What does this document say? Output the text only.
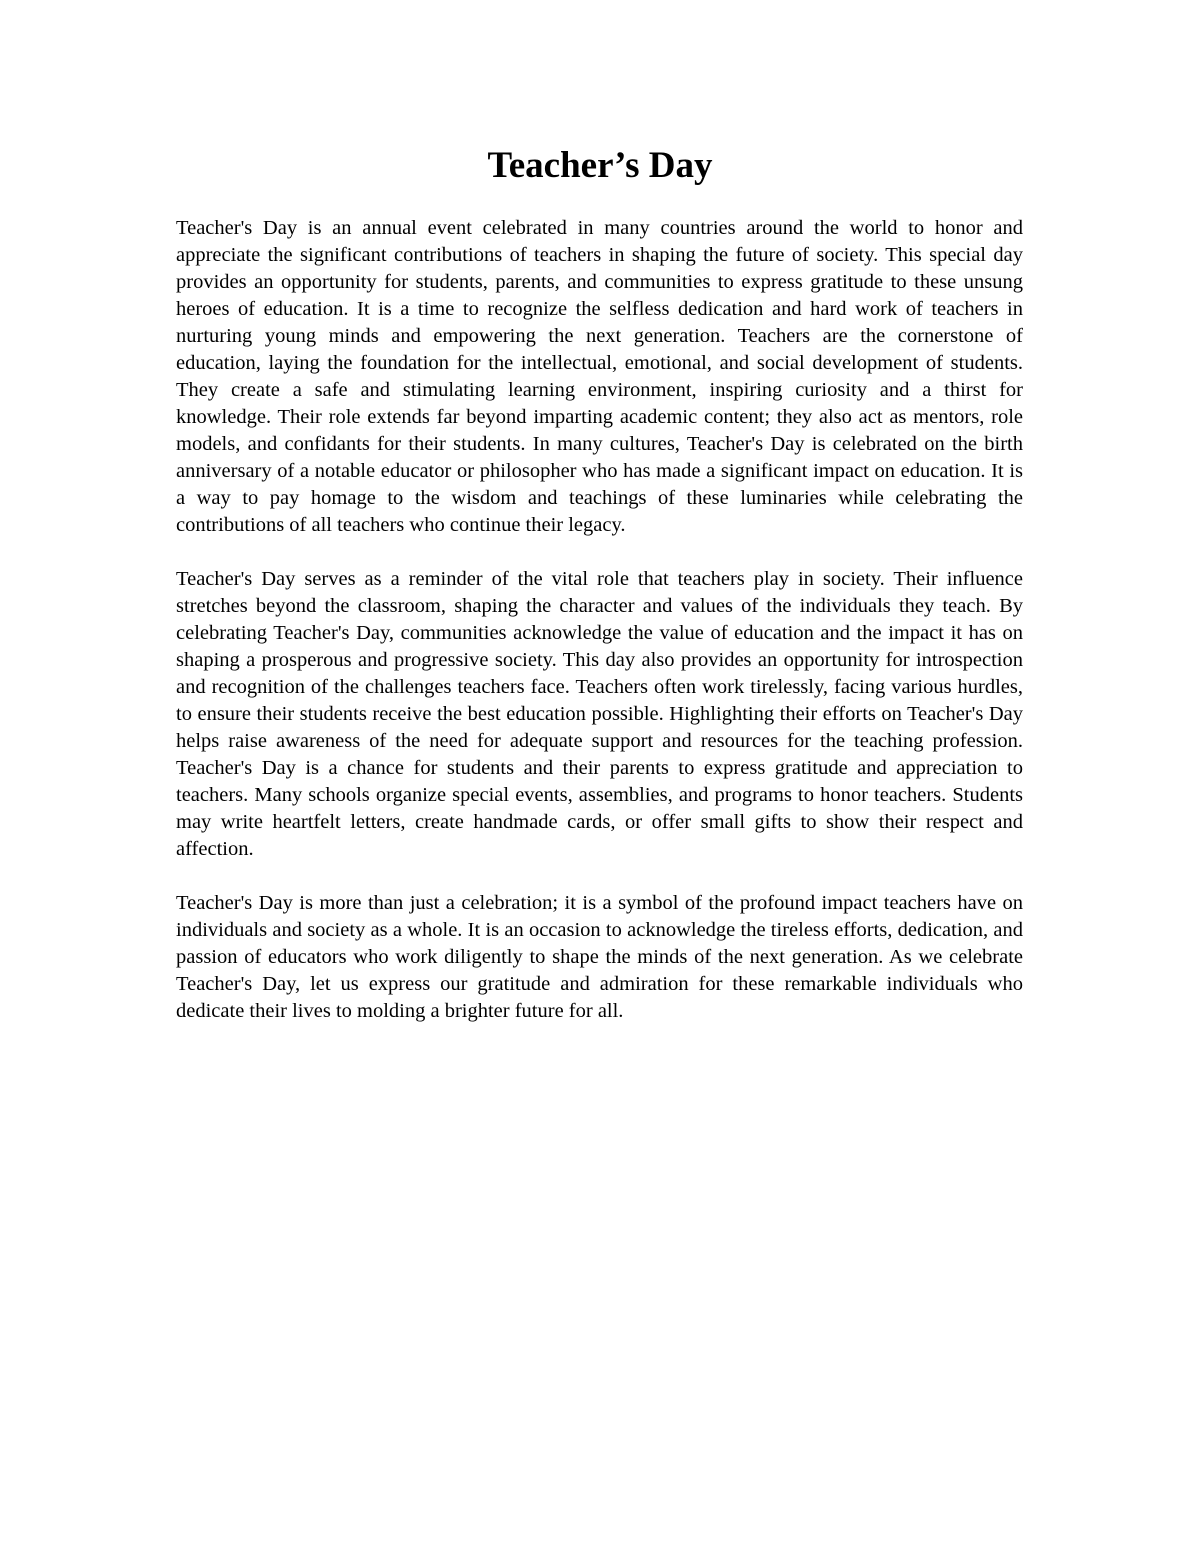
Teacher’s Day

Teacher's Day is an annual event celebrated in many countries around the world to honor and appreciate the significant contributions of teachers in shaping the future of society. This special day provides an opportunity for students, parents, and communities to express gratitude to these unsung heroes of education. It is a time to recognize the selfless dedication and hard work of teachers in nurturing young minds and empowering the next generation. Teachers are the cornerstone of education, laying the foundation for the intellectual, emotional, and social development of students. They create a safe and stimulating learning environment, inspiring curiosity and a thirst for knowledge. Their role extends far beyond imparting academic content; they also act as mentors, role models, and confidants for their students. In many cultures, Teacher's Day is celebrated on the birth anniversary of a notable educator or philosopher who has made a significant impact on education. It is a way to pay homage to the wisdom and teachings of these luminaries while celebrating the contributions of all teachers who continue their legacy.

Teacher's Day serves as a reminder of the vital role that teachers play in society. Their influence stretches beyond the classroom, shaping the character and values of the individuals they teach. By celebrating Teacher's Day, communities acknowledge the value of education and the impact it has on shaping a prosperous and progressive society. This day also provides an opportunity for introspection and recognition of the challenges teachers face. Teachers often work tirelessly, facing various hurdles, to ensure their students receive the best education possible. Highlighting their efforts on Teacher's Day helps raise awareness of the need for adequate support and resources for the teaching profession. Teacher's Day is a chance for students and their parents to express gratitude and appreciation to teachers. Many schools organize special events, assemblies, and programs to honor teachers. Students may write heartfelt letters, create handmade cards, or offer small gifts to show their respect and affection.

Teacher's Day is more than just a celebration; it is a symbol of the profound impact teachers have on individuals and society as a whole. It is an occasion to acknowledge the tireless efforts, dedication, and passion of educators who work diligently to shape the minds of the next generation. As we celebrate Teacher's Day, let us express our gratitude and admiration for these remarkable individuals who dedicate their lives to molding a brighter future for all.
